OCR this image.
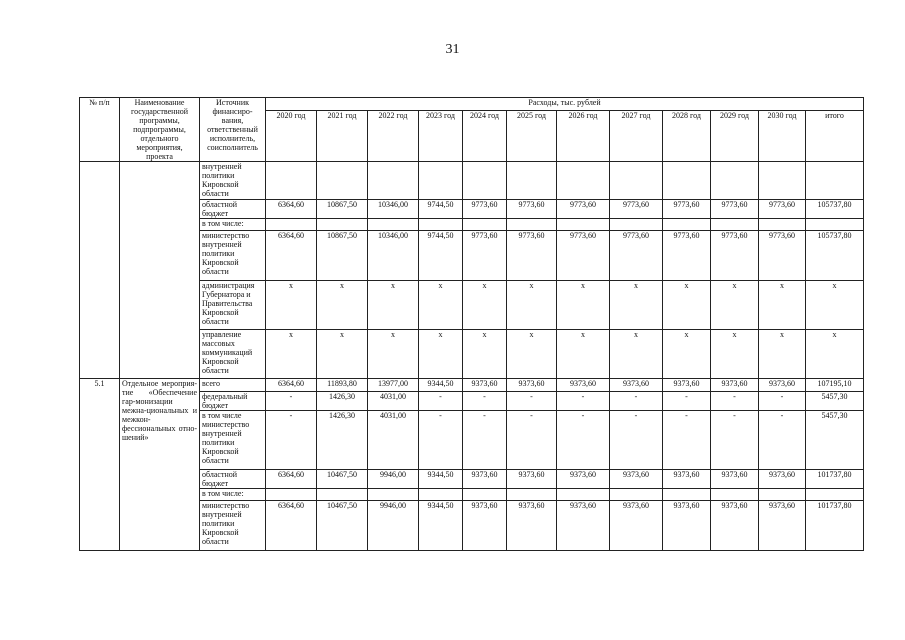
31
№ п/п	Наименование государственной программы, подпрограммы, отдельного мероприятия, проекта	Источник финансиро-вания, ответственный исполнитель, соисполнитель	Расходы, тыс. рублей											
			2020 год	2021 год	2022 год	2023 год	2024 год	2025 год	2026 год	2027 год	2028 год	2029 год	2030 год	итого
		внутренней политики Кировской области												
		областной бюджет	6364,60	10867,50	10346,00	9744,50	9773,60	9773,60	9773,60	9773,60	9773,60	9773,60	9773,60	105737,80
		в том числе:												
		министерство внутренней политики Кировской области	6364,60	10867,50	10346,00	9744,50	9773,60	9773,60	9773,60	9773,60	9773,60	9773,60	9773,60	105737,80
		администрация Губернатора и Правительства Кировской области	х	х	х	х	х	х	х	х	х	х	х	х
		управление массовых коммуникаций Кировской области	х	х	х	х	х	х	х	х	х	х	х	х
5.1	Отдельное мероприя-тие «Обеспечение гар-монизации межна-циональных и межкон-фессиональных отно-шений»	всего	6364,60	11893,80	13977,00	9344,50	9373,60	9373,60	9373,60	9373,60	9373,60	9373,60	9373,60	107195,10
		федеральный бюджет	-	1426,30	4031,00	-	-	-	-	-	-	-	-	5457,30
		в том числе министерство внутренней политики Кировской области	-	1426,30	4031,00	-	-	-	-	-	-	-	-	5457,30
		областной бюджет	6364,60	10467,50	9946,00	9344,50	9373,60	9373,60	9373,60	9373,60	9373,60	9373,60	9373,60	101737,80
		в том числе:												
		министерство внутренней политики Кировской области	6364,60	10467,50	9946,00	9344,50	9373,60	9373,60	9373,60	9373,60	9373,60	9373,60	9373,60	101737,80
